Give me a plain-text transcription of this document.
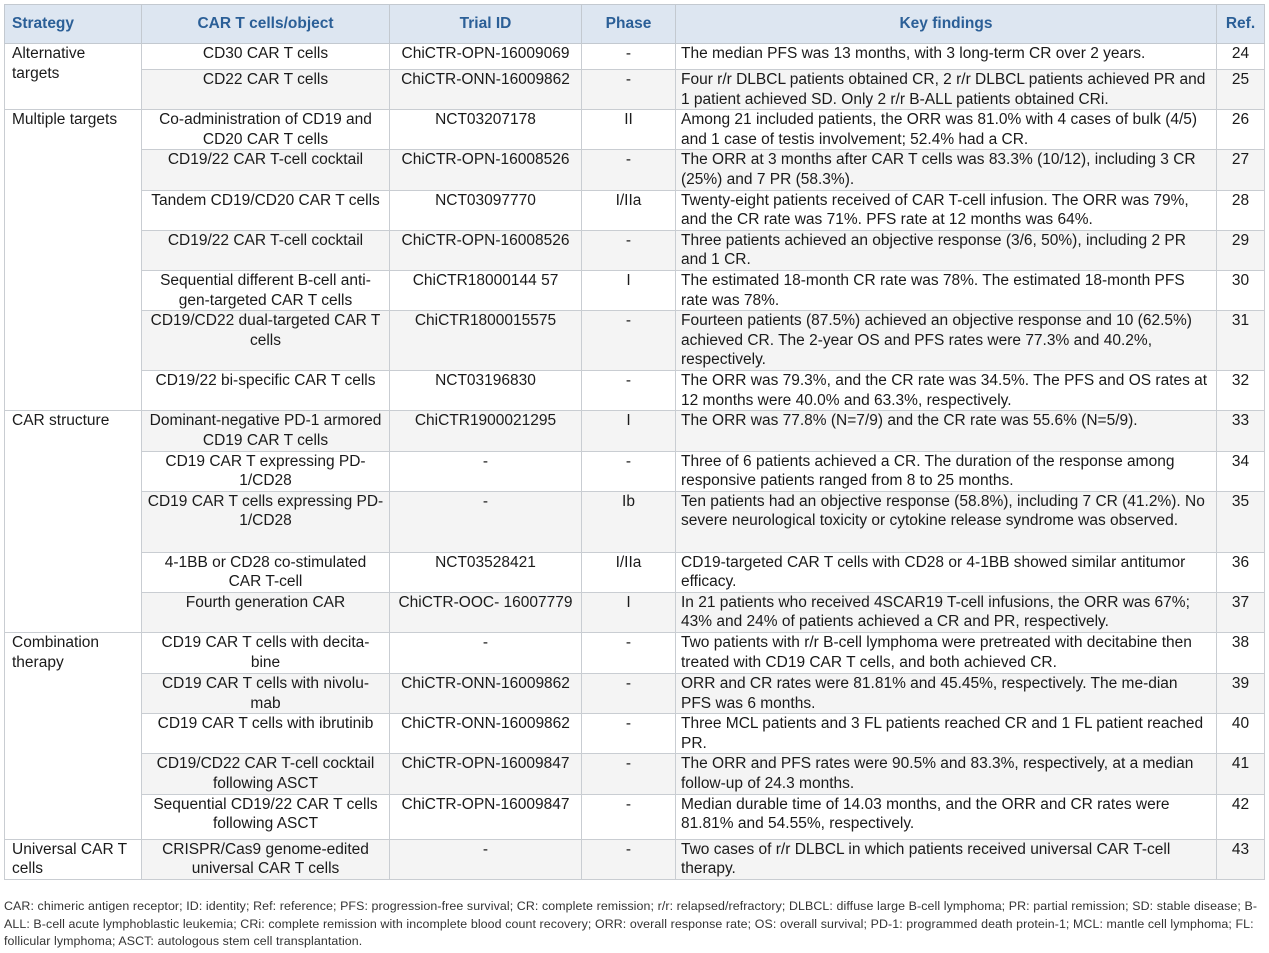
Strategy	CAR T cells/object	Trial ID	Phase	Key findings	Ref.
Alternative targets	CD30 CAR T cells	ChiCTR-OPN-16009069	-	The median PFS was 13 months, with 3 long-term CR over 2 years.	24
	CD22 CAR T cells	ChiCTR-ONN-16009862	-	Four r/r DLBCL patients obtained CR, 2 r/r DLBCL patients achieved PR and 1 patient achieved SD. Only 2 r/r B-ALL patients obtained CRi.	25
Multiple targets	Co-administration of CD19 and CD20 CAR T cells	NCT03207178	II	Among 21 included patients, the ORR was 81.0% with 4 cases of bulk (4/5) and 1 case of testis involvement; 52.4% had a CR.	26
	CD19/22 CAR T-cell cocktail	ChiCTR-OPN-16008526	-	The ORR at 3 months after CAR T cells was 83.3% (10/12), including 3 CR (25%) and 7 PR (58.3%).	27
	Tandem CD19/CD20 CAR T cells	NCT03097770	I/IIa	Twenty-eight patients received of CAR T-cell infusion. The ORR was 79%, and the CR rate was 71%. PFS rate at 12 months was 64%.	28
	CD19/22 CAR T-cell cocktail	ChiCTR-OPN-16008526	-	Three patients achieved an objective response (3/6, 50%), including 2 PR and 1 CR.	29
	Sequential different B-cell anti-gen-targeted CAR T cells	ChiCTR18000144 57	I	The estimated 18-month CR rate was 78%. The estimated 18-month PFS rate was 78%.	30
	CD19/CD22 dual-targeted CAR T cells	ChiCTR1800015575	-	Fourteen patients (87.5%) achieved an objective response and 10 (62.5%) achieved CR. The 2-year OS and PFS rates were 77.3% and 40.2%, respectively.	31
	CD19/22 bi-specific CAR T cells	NCT03196830	-	The ORR was 79.3%, and the CR rate was 34.5%. The PFS and OS rates at 12 months were 40.0% and 63.3%, respectively.	32
CAR structure	Dominant-negative PD-1 armored CD19 CAR T cells	ChiCTR1900021295	I	The ORR was 77.8% (N=7/9) and the CR rate was 55.6% (N=5/9).	33
	CD19 CAR T expressing PD-1/CD28	-	-	Three of 6 patients achieved a CR. The duration of the response among responsive patients ranged from 8 to 25 months.	34
	CD19 CAR T cells expressing PD-1/CD28	-	Ib	Ten patients had an objective response (58.8%), including 7 CR (41.2%). No severe neurological toxicity or cytokine release syndrome was observed.	35
	4-1BB or CD28 co-stimulated CAR T-cell	NCT03528421	I/IIa	CD19-targeted CAR T cells with CD28 or 4-1BB showed similar antitumor efficacy.	36
	Fourth generation CAR	ChiCTR-OOC- 16007779	I	In 21 patients who received 4SCAR19 T-cell infusions, the ORR was 67%; 43% and 24% of patients achieved a CR and PR, respectively.	37
Combination therapy	CD19 CAR T cells with decita-bine	-	-	Two patients with r/r B-cell lymphoma were pretreated with decitabine then treated with CD19 CAR T cells, and both achieved CR.	38
	CD19 CAR T cells with nivolu-mab	ChiCTR-ONN-16009862	-	ORR and CR rates were 81.81% and 45.45%, respectively. The me-dian PFS was 6 months.	39
	CD19 CAR T cells with ibrutinib	ChiCTR-ONN-16009862	-	Three MCL patients and 3 FL patients reached CR and 1 FL patient reached PR.	40
	CD19/CD22 CAR T-cell cocktail following ASCT	ChiCTR-OPN-16009847	-	The ORR and PFS rates were 90.5% and 83.3%, respectively, at a median follow-up of 24.3 months.	41
	Sequential CD19/22 CAR T cells following ASCT	ChiCTR-OPN-16009847	-	Median durable time of 14.03 months, and the ORR and CR rates were 81.81% and 54.55%, respectively.	42
Universal CAR T cells	CRISPR/Cas9 genome-edited universal CAR T cells	-	-	Two cases of r/r DLBCL in which patients received universal CAR T-cell therapy.	43
CAR: chimeric antigen receptor; ID: identity; Ref: reference; PFS: progression-free survival; CR: complete remission; r/r: relapsed/refractory; DLBCL: diffuse large B-cell lymphoma; PR: partial remission; SD: stable disease; B-ALL: B-cell acute lymphoblastic leukemia; CRi: complete remission with incomplete blood count recovery; ORR: overall response rate; OS: overall survival; PD-1: programmed death protein-1; MCL: mantle cell lymphoma; FL: follicular lymphoma; ASCT: autologous stem cell transplantation.
